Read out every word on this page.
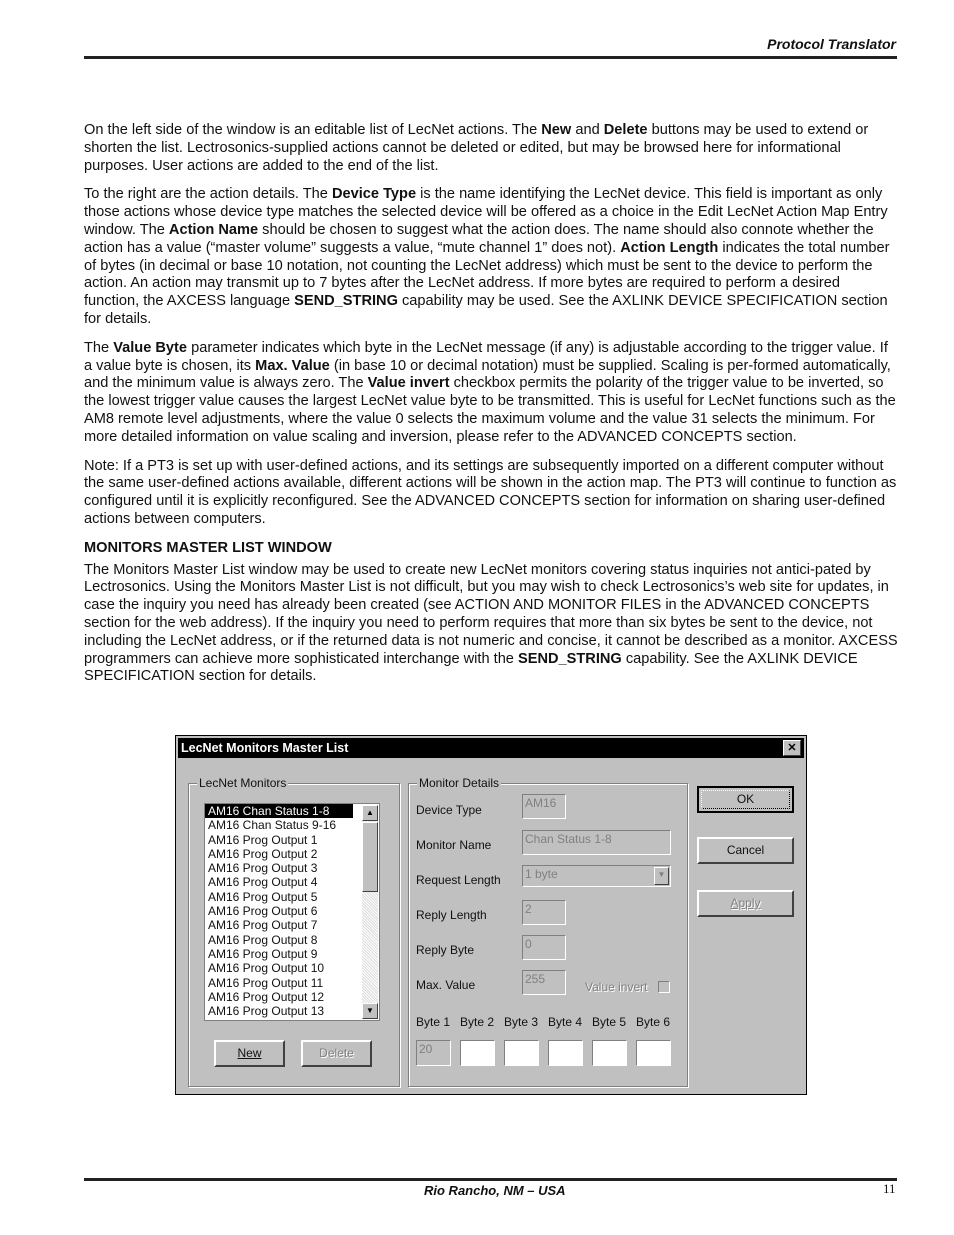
Protocol Translator

On the left side of the window is an editable list of LecNet actions. The New and Delete buttons may be used to extend or shorten the list. Lectrosonics-supplied actions cannot be deleted or edited, but may be browsed here for informational purposes. User actions are added to the end of the list.

To the right are the action details. The Device Type is the name identifying the LecNet device. This field is important as only those actions whose device type matches the selected device will be offered as a choice in the Edit LecNet Action Map Entry window. The Action Name should be chosen to suggest what the action does. The name should also connote whether the action has a value (“master volume” suggests a value, “mute channel 1” does not). Action Length indicates the total number of bytes (in decimal or base 10 notation, not counting the LecNet address) which must be sent to the device to perform the action. An action may transmit up to 7 bytes after the LecNet address. If more bytes are required to perform a desired function, the AXCESS language SEND_STRING capability may be used. See the AXLINK DEVICE SPECIFICATION section for details.

The Value Byte parameter indicates which byte in the LecNet message (if any) is adjustable according to the trigger value. If a value byte is chosen, its Max. Value (in base 10 or decimal notation) must be supplied. Scaling is per-formed automatically, and the minimum value is always zero. The Value invert checkbox permits the polarity of the trigger value to be inverted, so the lowest trigger value causes the largest LecNet value byte to be transmitted. This is useful for LecNet functions such as the AM8 remote level adjustments, where the value 0 selects the maximum volume and the value 31 selects the minimum. For more detailed information on value scaling and inversion, please refer to the ADVANCED CONCEPTS section.

Note: If a PT3 is set up with user-defined actions, and its settings are subsequently imported on a different computer without the same user-defined actions available, different actions will be shown in the action map. The PT3 will continue to function as configured until it is explicitly reconfigured. See the ADVANCED CONCEPTS section for information on sharing user-defined actions between computers.

MONITORS MASTER LIST WINDOW

The Monitors Master List window may be used to create new LecNet monitors covering status inquiries not antici-pated by Lectrosonics. Using the Monitors Master List is not difficult, but you may wish to check Lectrosonics’s web site for updates, in case the inquiry you need has already been created (see ACTION AND MONITOR FILES in the ADVANCED CONCEPTS section for the web address). If the inquiry you need to perform requires that more than six bytes be sent to the device, not including the LecNet address, or if the returned data is not numeric and concise, it cannot be described as a monitor. AXCESS programmers can achieve more sophisticated interchange with the SEND_STRING capability. See the AXLINK DEVICE SPECIFICATION section for details.

LecNet Monitors Master List	✕
LecNet Monitors
AM16 Chan Status 1-8
AM16 Chan Status 9-16
AM16 Prog Output 1
AM16 Prog Output 2
AM16 Prog Output 3
AM16 Prog Output 4
AM16 Prog Output 5
AM16 Prog Output 6
AM16 Prog Output 7
AM16 Prog Output 8
AM16 Prog Output 9
AM16 Prog Output 10
AM16 Prog Output 11
AM16 Prog Output 12
AM16 Prog Output 13
▲
▼
New	Delete
Monitor Details
Device Type	AM16
Monitor Name	Chan Status 1-8
Request Length 1 byte	▼
Reply Length	2
Reply Byte	0
Max. Value	255
Value invert
Byte 1 Byte 2 Byte 3 Byte 4 Byte 5 Byte 6
20
OK
Cancel
Apply
Rio Rancho, NM – USA	11
